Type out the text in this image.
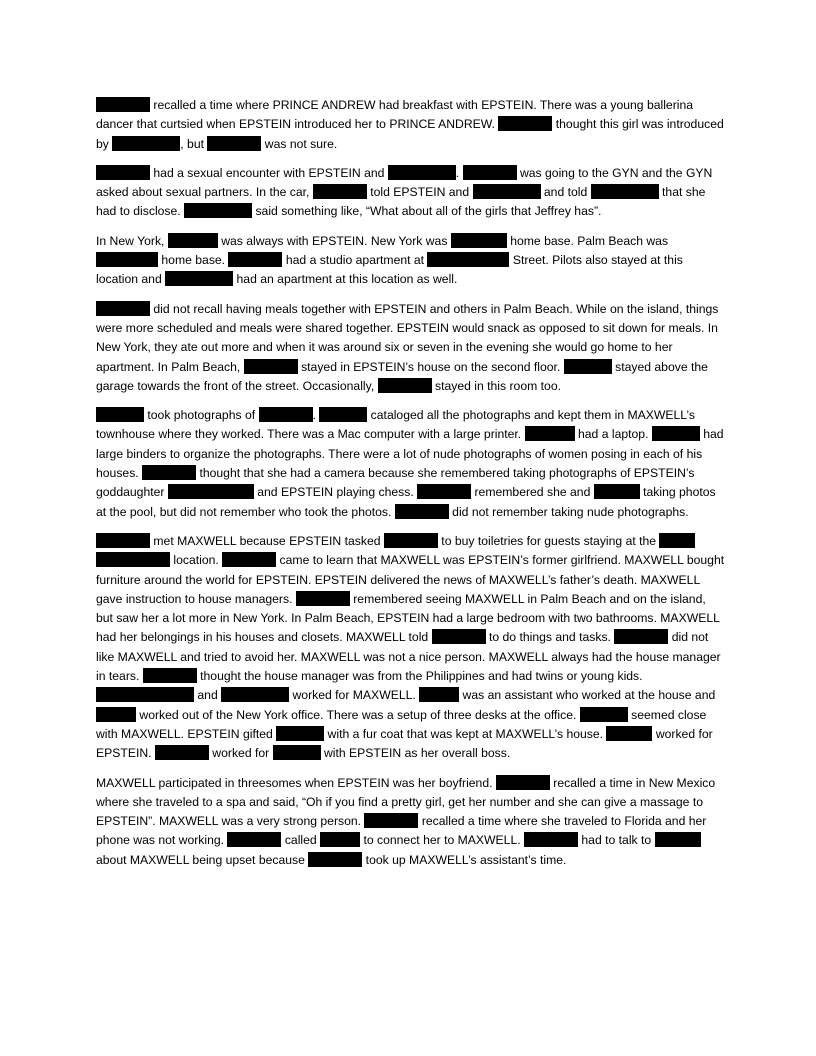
recalled a time where PRINCE ANDREW had breakfast with EPSTEIN. There was a young ballerina dancer that curtsied when EPSTEIN introduced her to PRINCE ANDREW.	thought this girl was introduced by	, but	was not sure.

had a sexual encounter with EPSTEIN and	.	was going to the GYN and the GYN asked about sexual partners. In the car,	told EPSTEIN and	and told	that she had to disclose.	said something like, “What about all of the girls that Jeffrey has”.

In New York,	was always with EPSTEIN. New York was	home base. Palm Beach was  home base.	had a studio apartment at	Street. Pilots also stayed at this location and	had an apartment at this location as well.

did not recall having meals together with EPSTEIN and others in Palm Beach. While on the island, things were more scheduled and meals were shared together. EPSTEIN would snack as opposed to sit down for meals. In New York, they ate out more and when it was around six or seven in the evening she would go home to her apartment. In Palm Beach,	stayed in EPSTEIN’s house on the second floor.	stayed above the garage towards the front of the street. Occasionally,	stayed in this room too.

took photographs of	.	cataloged all the photographs and kept them in MAXWELL’s townhouse where they worked. There was a Mac computer with a large printer.	had a laptop.	had large binders to organize the photographs. There were a lot of nude photographs of women posing in each of his houses.	thought that she had a camera because she remembered taking photographs of EPSTEIN’s goddaughter	and EPSTEIN playing chess.	remembered she and	taking photos at the pool, but did not remember who took the photos.	did not remember taking nude photographs.

met MAXWELL because EPSTEIN tasked	to buy toiletries for guests staying at the  location.	came to learn that MAXWELL was EPSTEIN’s former girlfriend. MAXWELL bought furniture around the world for EPSTEIN. EPSTEIN delivered the news of MAXWELL’s father’s death. MAXWELL gave instruction to house managers.	remembered seeing MAXWELL in Palm Beach and on the island, but saw her a lot more in New York. In Palm Beach, EPSTEIN had a large bedroom with two bathrooms. MAXWELL had her belongings in his houses and closets. MAXWELL told	to do things and tasks.	did not like MAXWELL and tried to avoid her. MAXWELL was not a nice person. MAXWELL always had the house manager in tears.	thought the house manager was from the Philippines and had twins or young kids.  and	worked for MAXWELL.	was an assistant who worked at the house and  worked out of the New York office. There was a setup of three desks at the office.	seemed close with MAXWELL. EPSTEIN gifted	with a fur coat that was kept at MAXWELL’s house.	worked for EPSTEIN.	worked for	with EPSTEIN as her overall boss.

MAXWELL participated in threesomes when EPSTEIN was her boyfriend.	recalled a time in New Mexico where she traveled to a spa and said, “Oh if you find a pretty girl, get her number and she can give a massage to EPSTEIN”. MAXWELL was a very strong person.	recalled a time where she traveled to Florida and her phone was not working.	called	to connect her to MAXWELL.	had to talk to  about MAXWELL being upset because	took up MAXWELL’s assistant’s time.
